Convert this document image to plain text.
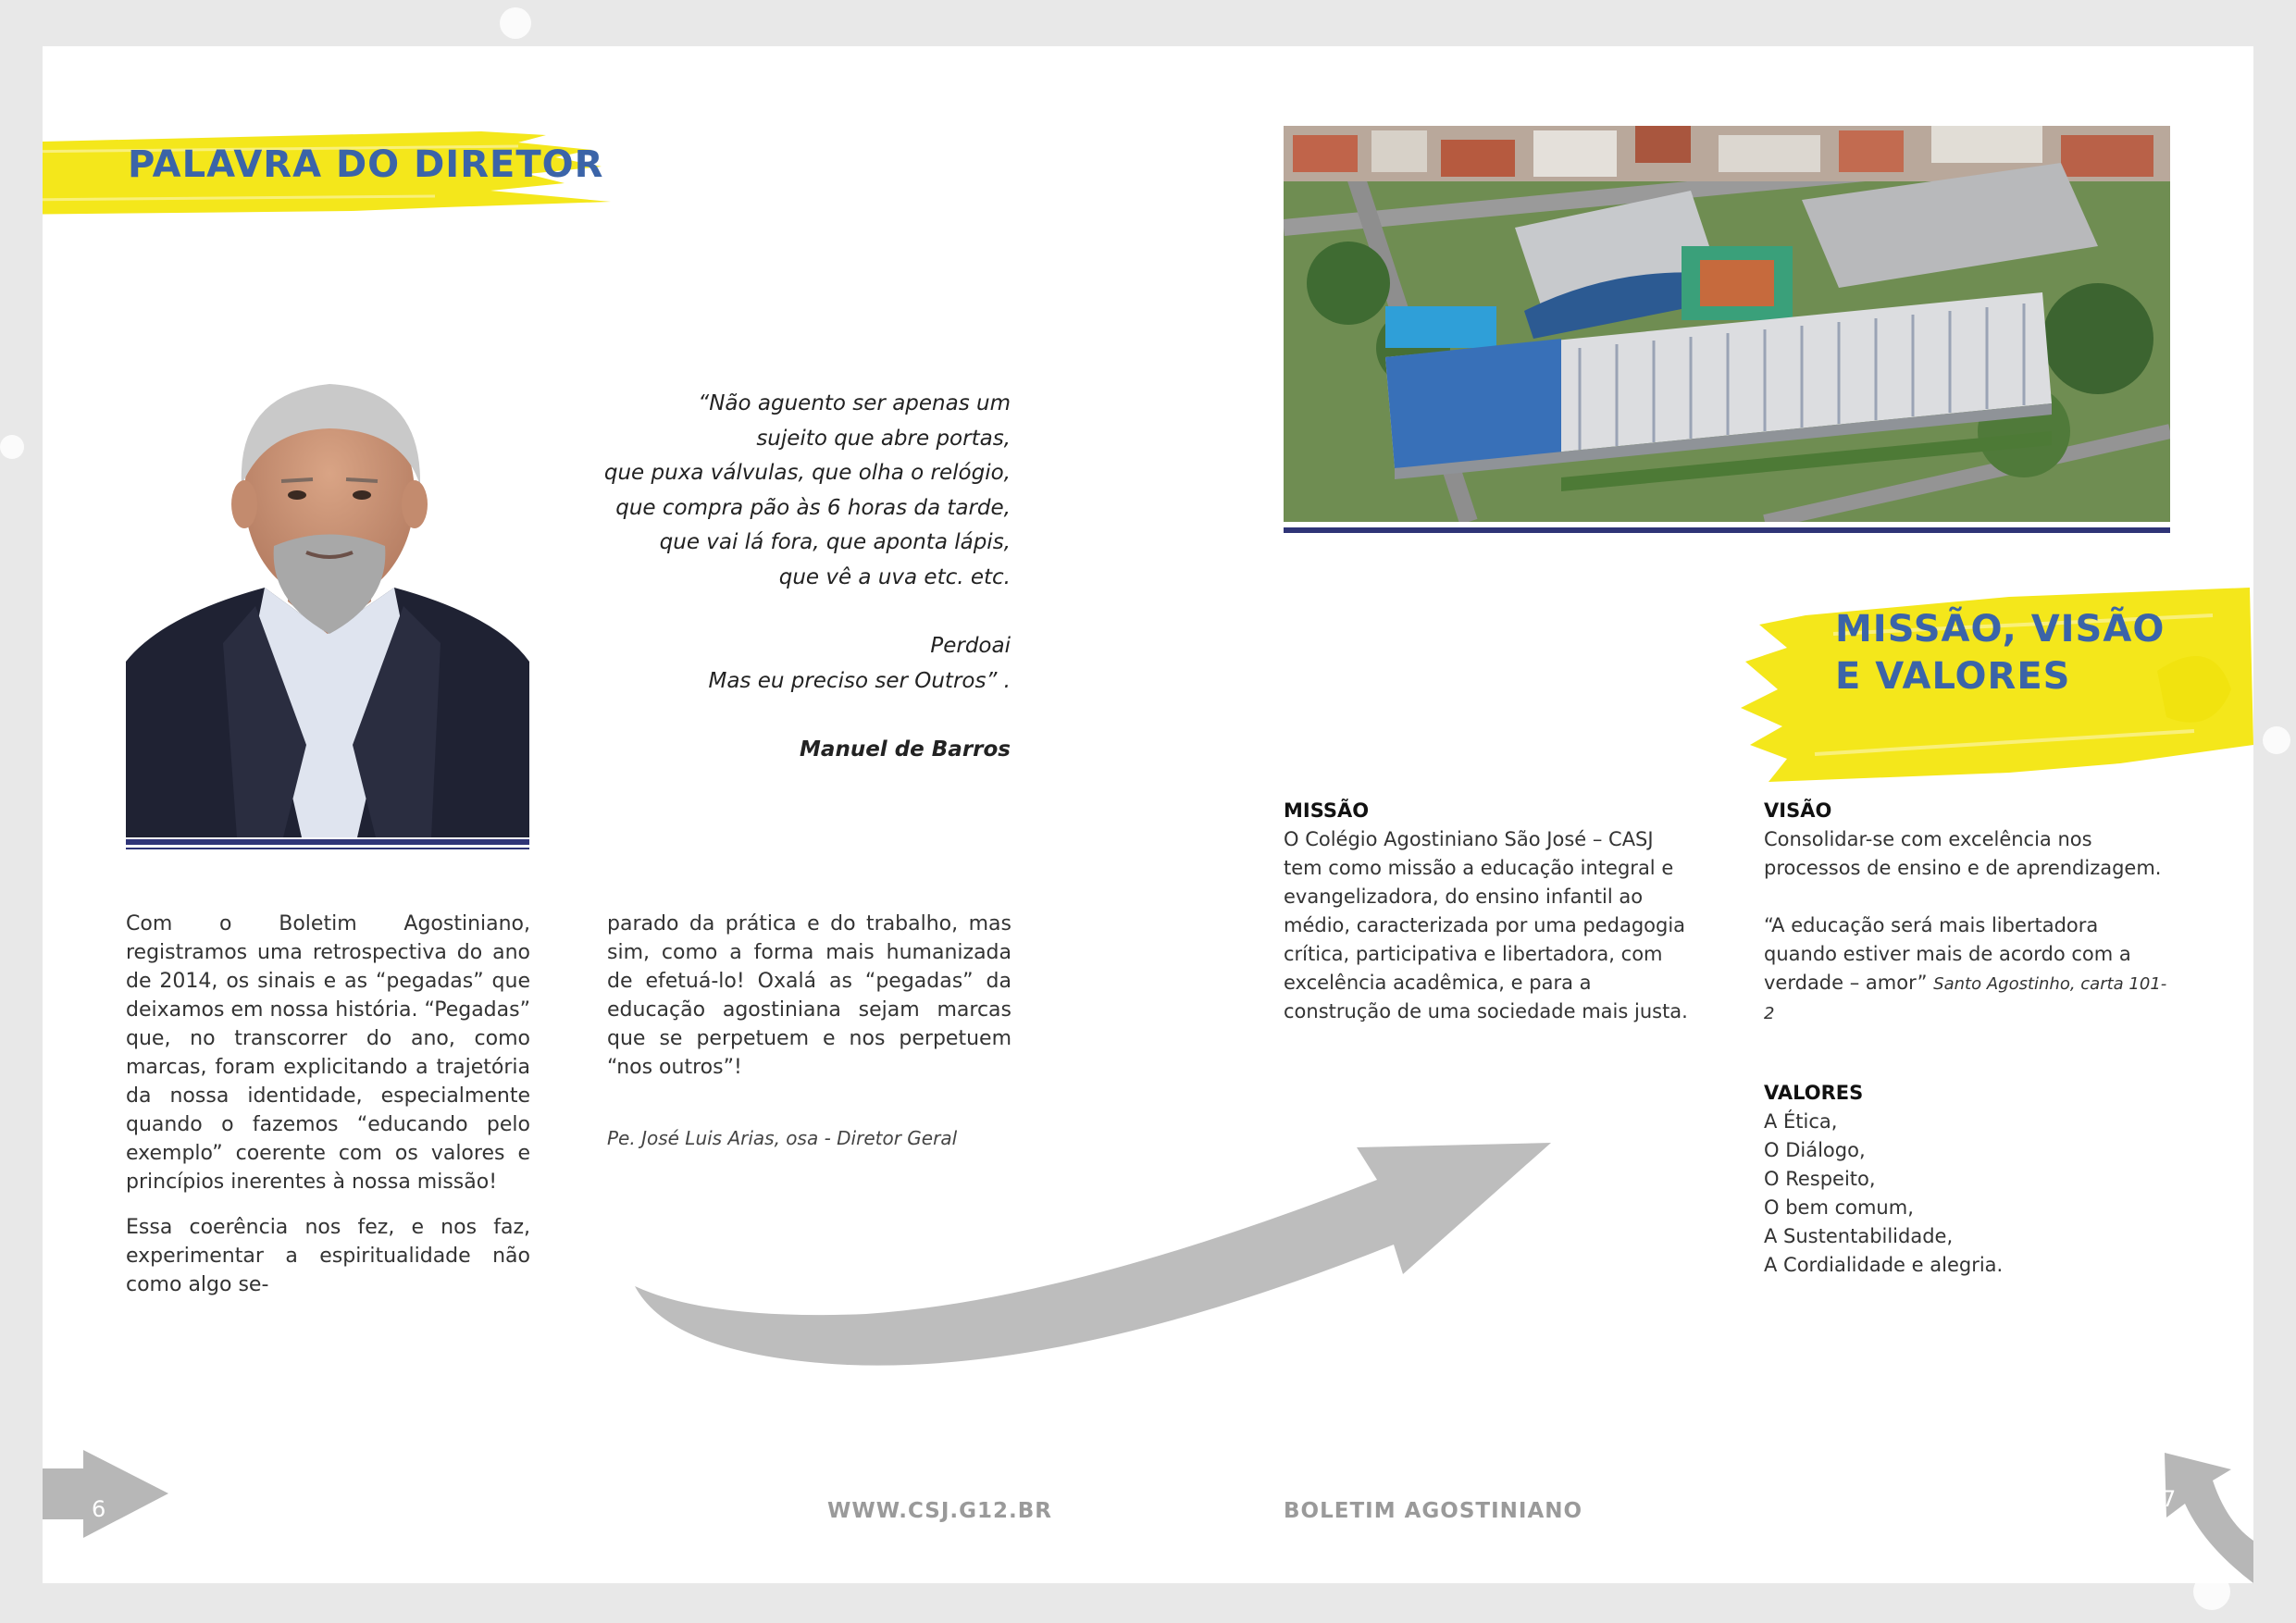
PALAVRA DO DIRETOR
“Não aguento ser apenas um
sujeito que abre portas,
que puxa válvulas, que olha o relógio,
que compra pão às 6 horas da tarde,
que vai lá fora, que aponta lápis,
que vê a uva etc. etc.
Perdoai
Mas eu preciso ser Outros” .
Manuel de Barros

Com o Boletim Agostiniano, registramos uma retrospectiva do ano de 2014, os sinais e as “pegadas” que deixamos em nossa história. “Pegadas” que, no transcorrer do ano, como marcas, foram explicitando a trajetória da nossa identidade, especialmente quando o fazemos “educando pelo exemplo” coerente com os valores e princípios inerentes à nossa missão!

Essa coerência nos fez, e nos faz, experimentar a espiritualidade não como algo se-

parado da prática e do trabalho, mas sim, como a forma mais humanizada de efetuá-lo! Oxalá as “pegadas” da educação agostiniana sejam marcas que se perpetuem e nos perpetuem “nos outros”!

Pe. José Luis Arias, osa - Diretor Geral
6	WWW.CSJ.G12.BR
MISSÃO, VISÃO
E VALORES
MISSÃO
O Colégio Agostiniano São José – CASJ tem como missão a educação integral e evangelizadora, do ensino infantil ao médio, caracterizada por uma pedagogia crítica, participativa e libertadora, com excelência acadêmica, e para a construção de uma sociedade mais justa.
VISÃO
Consolidar-se com excelência nos processos de ensino e de aprendizagem.
“A educação será mais libertadora quando estiver mais de acordo com a verdade – amor” Santo Agostinho, carta 101-2
VALORES
A Ética,
O Diálogo,
O Respeito,
O bem comum,
A Sustentabilidade,
A Cordialidade e alegria.
BOLETIM AGOSTINIANO	7
